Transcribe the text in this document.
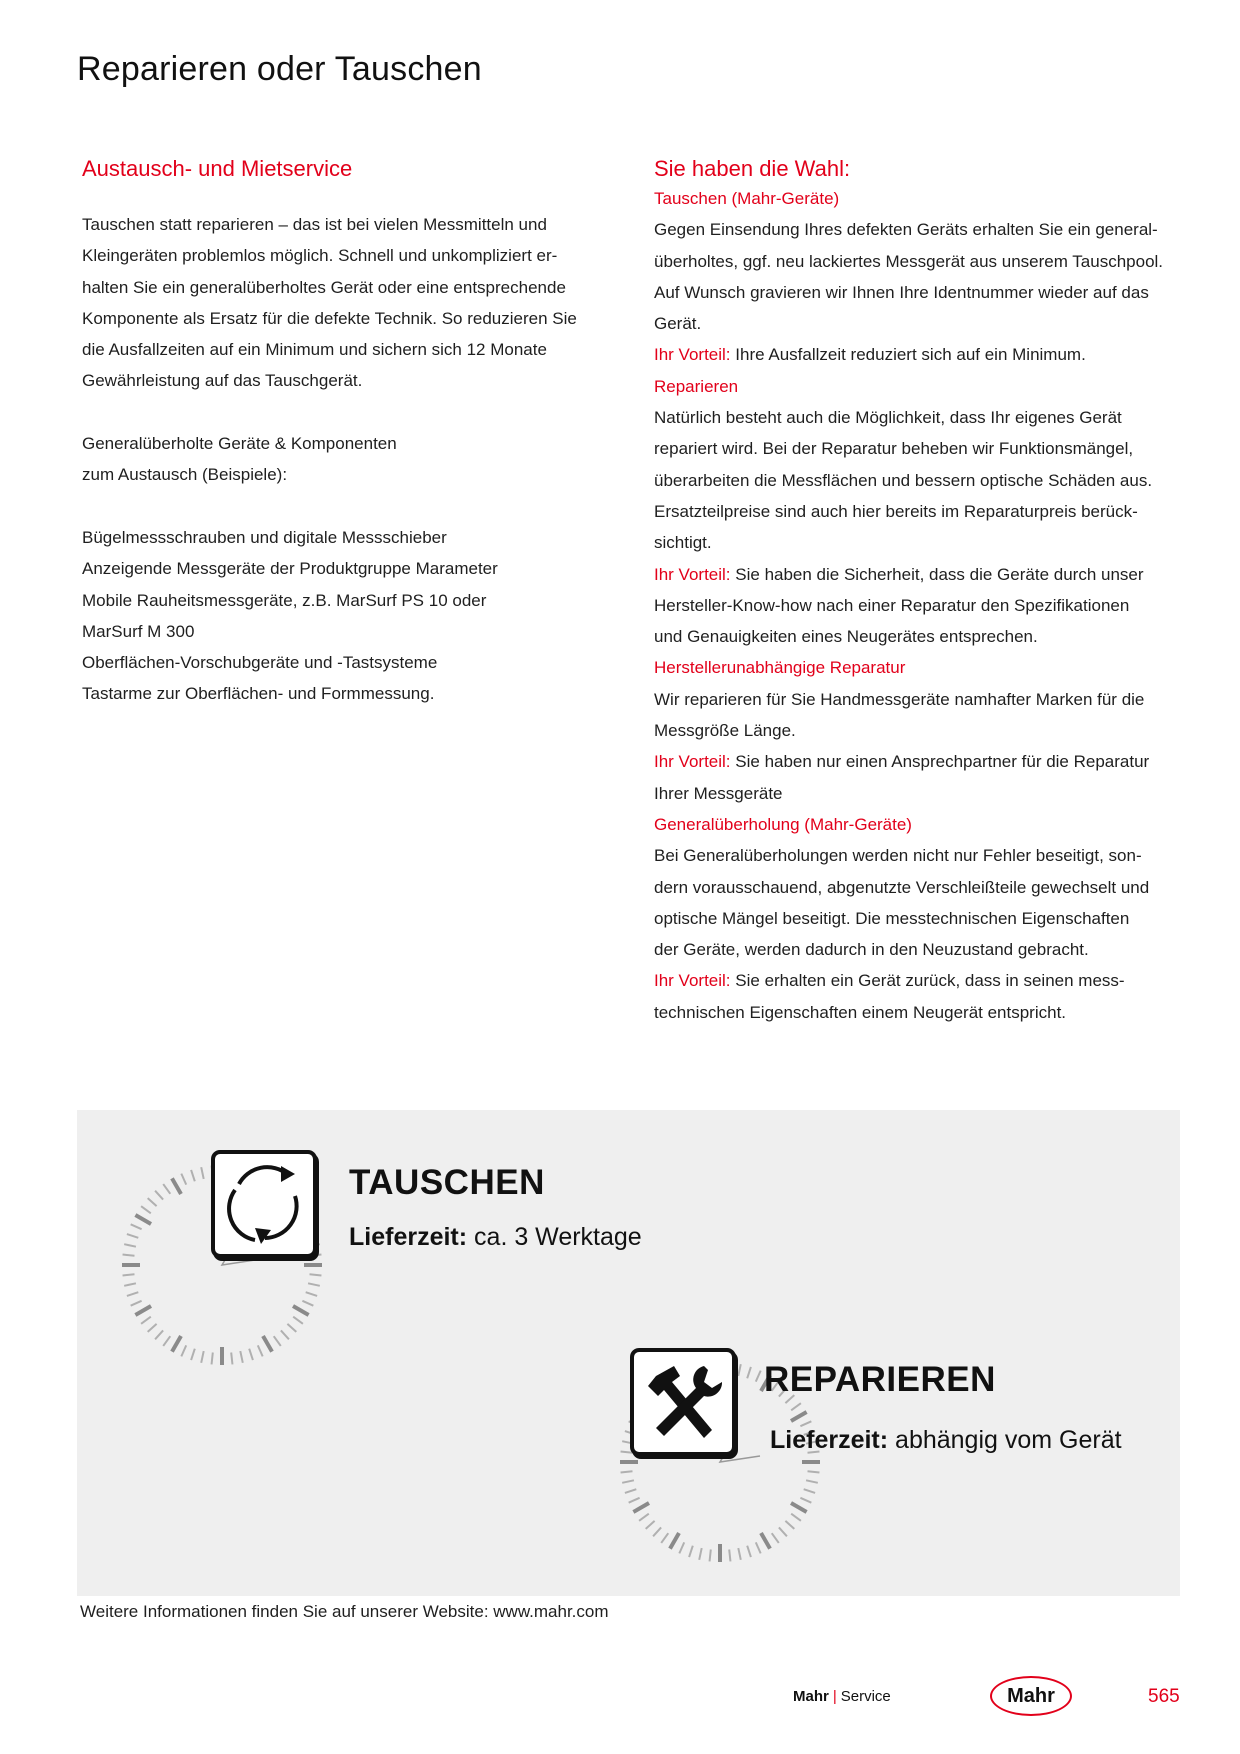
Reparieren oder Tauschen
Austausch- und Mietservice
Tauschen statt reparieren – das ist bei vielen Messmitteln und
Kleingeräten problemlos möglich. Schnell und unkompliziert er-
halten Sie ein generalüberholtes Gerät oder eine entsprechende
Komponente als Ersatz für die defekte Technik. So reduzieren Sie
die Ausfallzeiten auf ein Minimum und sichern sich 12 Monate
Gewährleistung auf das Tauschgerät.
Generalüberholte Geräte & Komponenten
zum Austausch (Beispiele):
Bügelmessschrauben und digitale Messschieber
Anzeigende Messgeräte der Produktgruppe Marameter
Mobile Rauheitsmessgeräte, z.B. MarSurf PS 10 oder
MarSurf M 300
Oberflächen-Vorschubgeräte und -Tastsysteme
Tastarme zur Oberflächen- und Formmessung.
Sie haben die Wahl:
Tauschen (Mahr-Geräte)
Gegen Einsendung Ihres defekten Geräts erhalten Sie ein general-
überholtes, ggf. neu lackiertes Messgerät aus unserem Tauschpool.
Auf Wunsch gravieren wir Ihnen Ihre Identnummer wieder auf das
Gerät.
Ihr Vorteil: Ihre Ausfallzeit reduziert sich auf ein Minimum.
Reparieren
Natürlich besteht auch die Möglichkeit, dass Ihr eigenes Gerät
repariert wird. Bei der Reparatur beheben wir Funktionsmängel,
überarbeiten die Messflächen und bessern optische Schäden aus.
Ersatzteilpreise sind auch hier bereits im Reparaturpreis berück-
sichtigt.
Ihr Vorteil: Sie haben die Sicherheit, dass die Geräte durch unser
Hersteller-Know-how nach einer Reparatur den Spezifikationen
und Genauigkeiten eines Neugerätes entsprechen.
Herstellerunabhängige Reparatur
Wir reparieren für Sie Handmessgeräte namhafter Marken für die
Messgröße Länge.
Ihr Vorteil: Sie haben nur einen Ansprechpartner für die Reparatur
Ihrer Messgeräte
Generalüberholung (Mahr-Geräte)
Bei Generalüberholungen werden nicht nur Fehler beseitigt, son-
dern vorausschauend, abgenutzte Verschleißteile gewechselt und
optische Mängel beseitigt. Die messtechnischen Eigenschaften
der Geräte, werden dadurch in den Neuzustand gebracht.
Ihr Vorteil: Sie erhalten ein Gerät zurück, dass in seinen mess-
technischen Eigenschaften einem Neugerät entspricht.
TAUSCHEN
Lieferzeit: ca. 3 Werktage
REPARIEREN
Lieferzeit: abhängig vom Gerät
Weitere Informationen finden Sie auf unserer Website: www.mahr.com
Mahr | Service	Mahr	565
